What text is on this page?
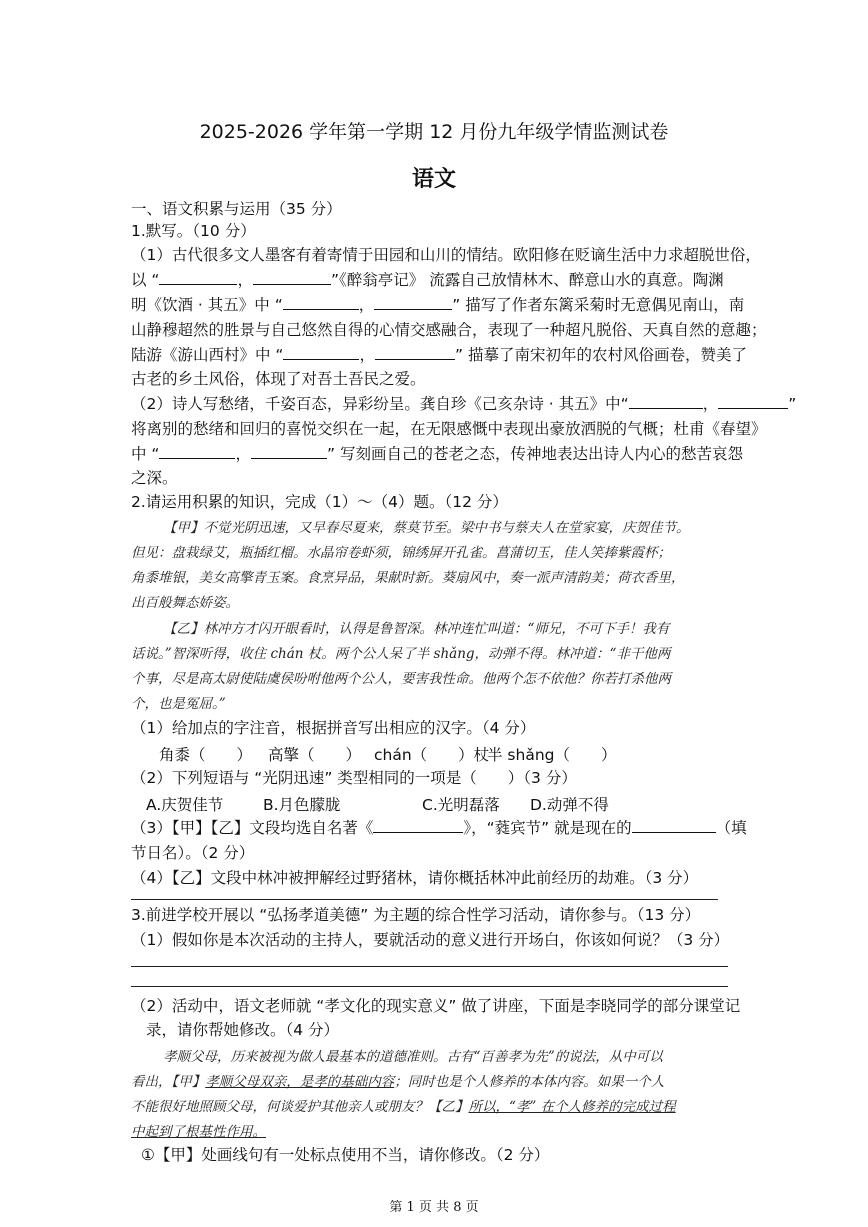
2025-2026 学年第一学期 12 月份九年级学情监测试卷
语文
一、语文积累与运用（35 分）
1.默写。（10 分）
（1）古代很多文人墨客有着寄情于田园和山川的情结。欧阳修在贬谪生活中力求超脱世俗，
以 “	，	”《醉翁亭记》 流露自己放情林木、醉意山水的真意。陶渊
明《饮酒 · 其五》中 “	，	” 描写了作者东篱采菊时无意偶见南山，南
山静穆超然的胜景与自己悠然自得的心情交感融合，表现了一种超凡脱俗、天真自然的意趣；
陆游《游山西村》中 “	，	” 描摹了南宋初年的农村风俗画卷，赞美了
古老的乡土风俗，体现了对吾土吾民之爱。
（2）诗人写愁绪，千姿百态，异彩纷呈。龚自珍《己亥杂诗 · 其五》中“	，	”
将离别的愁绪和回归的喜悦交织在一起，在无限感慨中表现出豪放洒脱的气概；杜甫《春望》
中 “	，	” 写刻画自己的苍老之态，传神地表达出诗人内心的愁苦哀怨
之深。
2.请运用积累的知识，完成（1）～（4）题。（12 分）
【甲】不觉光阴迅速，又早春尽夏来，蔡莫节至。梁中书与蔡夫人在堂家宴，庆贺佳节。
但见：盘栽绿艾，瓶插红榴。水晶帘卷虾须，锦绣屏开孔雀。菖蒲切玉，佳人笑捧紫霞杯；
角黍堆银，美女高擎青玉案。食烹异品，果献时新。葵扇风中，奏一派声清韵美；荷衣香里，
出百般舞态娇姿。
【乙】林冲方才闪开眼看时，认得是鲁智深。林冲连忙叫道：“师兄，不可下手！我有
话说。”智深听得，收住 chán 杖。两个公人呆了半 shǎng，动弹不得。林冲道：“非干他两
个事，尽是高太尉使陆虞侯吩咐他两个公人，要害我性命。他两个怎不依他？你若打杀他两
个，也是冤屈。”
（1）给加点的字注音，根据拼音写出相应的汉字。（4 分）
角黍（　　） 高擎（　　） chán（　　）杖
半 shǎng（　　）
（2）下列短语与 “光阴迅速” 类型相同的一项是（　　）（3 分）
A.庆贺佳节	B.月色朦胧	C.光明磊落 D.动弹不得
（3）【甲】【乙】文段均选自名著《	》，“蕤宾节” 就是现在的	（填
节日名）。（2 分）
（4）【乙】文段中林冲被押解经过野猪林，请你概括林冲此前经历的劫难。（3 分）
3.前进学校开展以 “弘扬孝道美德” 为主题的综合性学习活动，请你参与。（13 分）
（1）假如你是本次活动的主持人，要就活动的意义进行开场白，你该如何说？（3 分）
（2）活动中，语文老师就 “孝文化的现实意义” 做了讲座，下面是李晓同学的部分课堂记
录，请你帮她修改。（4 分）
孝顺父母，历来被视为做人最基本的道德准则。古有“百善孝为先”的说法，从中可以
看出，【甲】孝顺父母双亲，是孝的基础内容；同时也是个人修养的本体内容。如果一个人
不能很好地照顾父母，何谈爱护其他亲人或朋友？【乙】所以，“孝” 在个人修养的完成过程
中起到了根基性作用。
①【甲】处画线句有一处标点使用不当，请你修改。（2 分）
第 1 页 共 8 页
